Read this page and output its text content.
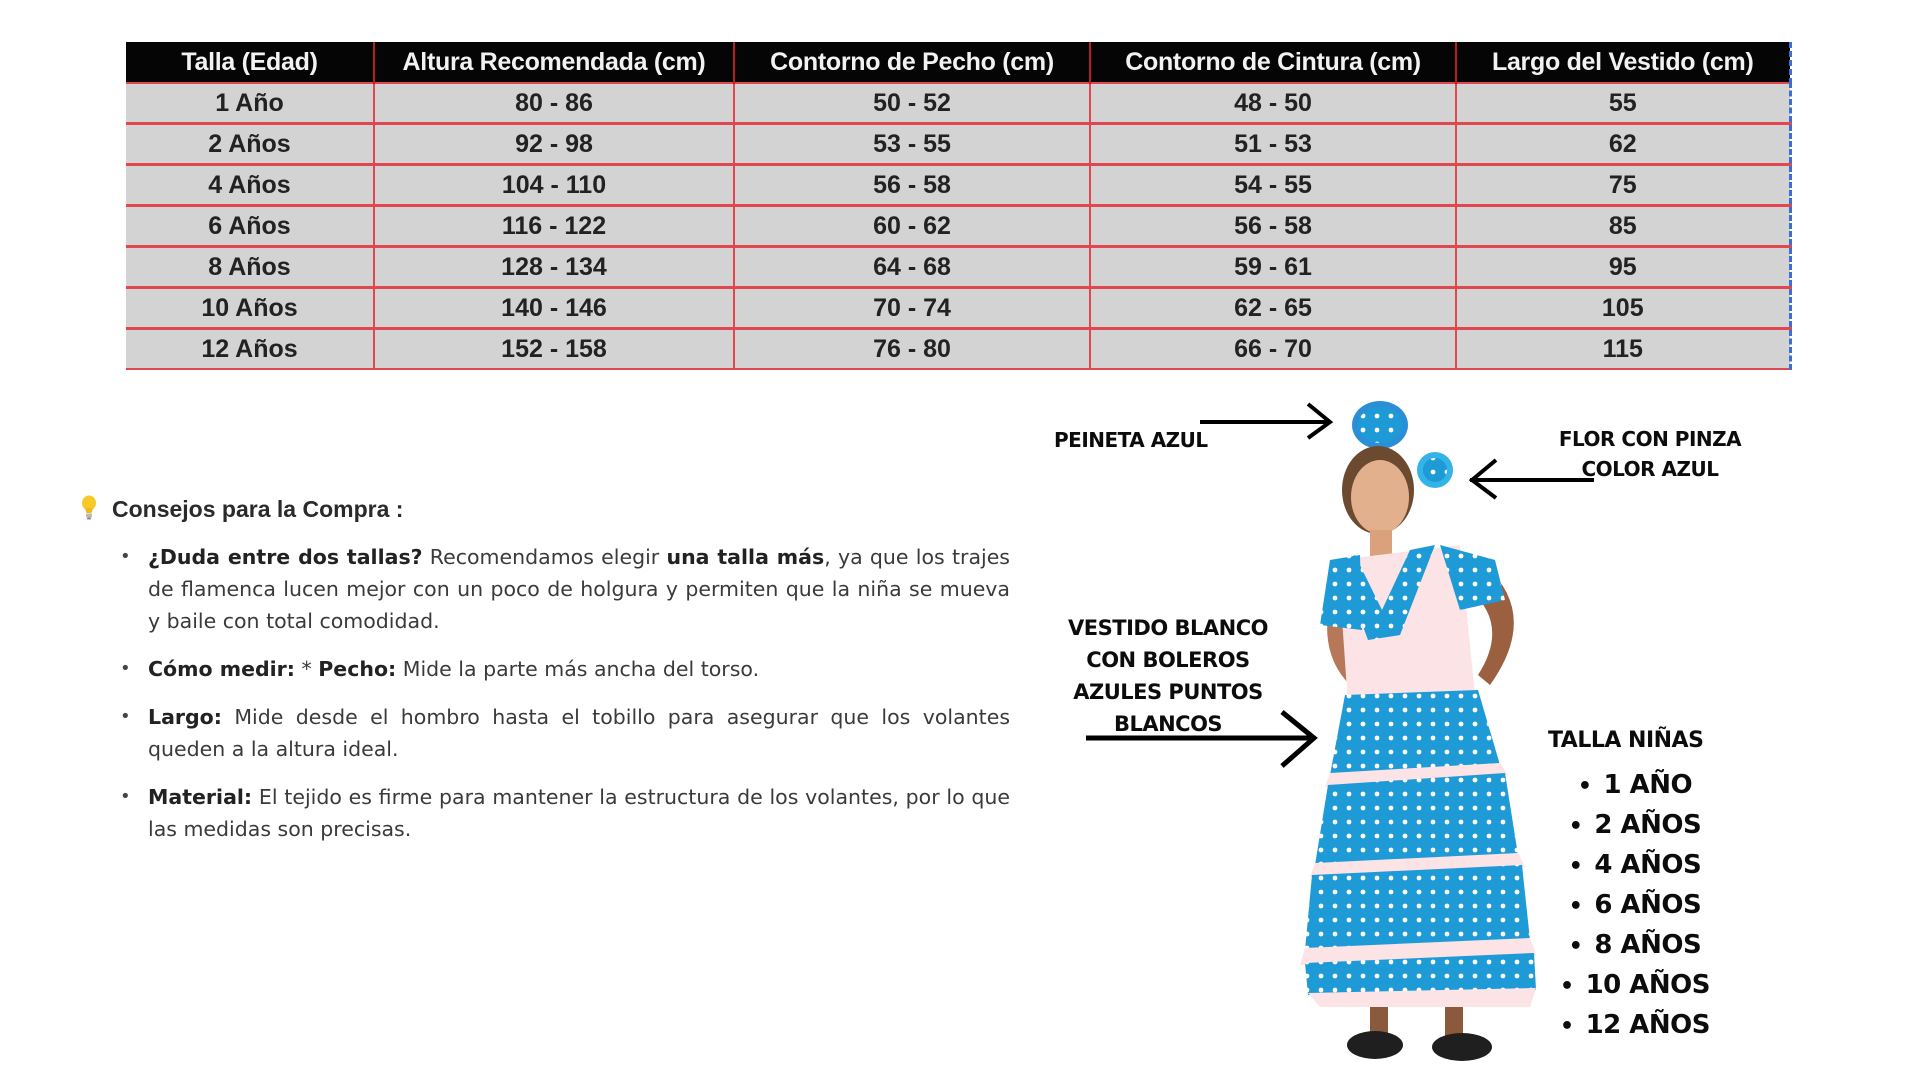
Talla (Edad)	Altura Recomendada (cm)	Contorno de Pecho (cm)	Contorno de Cintura (cm)	Largo del Vestido (cm)
1 Año	80 - 86	50 - 52	48 - 50	55
2 Años	92 - 98	53 - 55	51 - 53	62
4 Años	104 - 110	56 - 58	54 - 55	75
6 Años	116 - 122	60 - 62	56 - 58	85
8 Años	128 - 134	64 - 68	59 - 61	95
10 Años	140 - 146	70 - 74	62 - 65	105
12 Años	152 - 158	76 - 80	66 - 70	115
Consejos para la Compra :
• ¿Duda entre dos tallas? Recomendamos elegir una talla más, ya que los trajes de flamenca lucen mejor con un poco de holgura y permiten que la niña se mueva y baile con total comodidad.
• Cómo medir: * Pecho: Mide la parte más ancha del torso.
• Largo: Mide desde el hombro hasta el tobillo para asegurar que los volantes queden a la altura ideal.
• Material: El tejido es firme para mantener la estructura de los volantes, por lo que las medidas son precisas.
PEINETA AZUL	FLOR CON PINZA
COLOR AZUL
VESTIDO BLANCO
CON BOLEROS
AZULES PUNTOS
BLANCOS
TALLA NIÑAS
• 1 AÑO
• 2 AÑOS
• 4 AÑOS
• 6 AÑOS
• 8 AÑOS
• 10 AÑOS
• 12 AÑOS
